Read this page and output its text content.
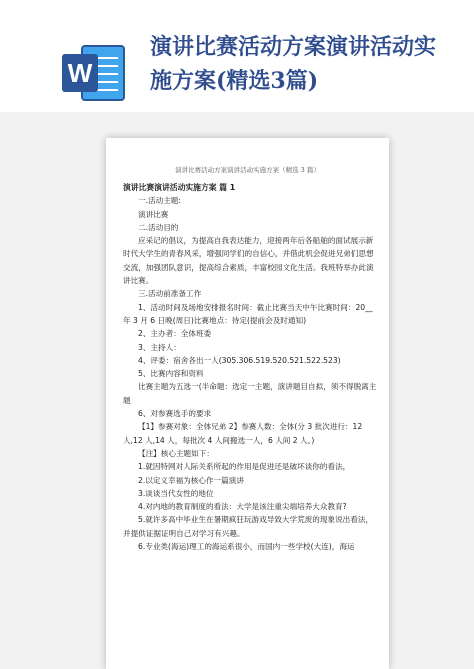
W
演讲比赛活动方案演讲活动实
施方案(精选3篇)
演讲比赛活动方案演讲活动实施方案（精选 3 篇）

演讲比赛演讲活动实施方案 篇 1

一.活动主题:

演讲比赛

二.活动目的

应采记的倡议，为提高自我表达能力，迎接两年后各船舶的面试展示新时代大学生的青春风采，增强同学们的自信心，并借此机会促进兄弟们思想交流，加强团队意识，提高综合素质，丰富校园文化生活。我班特举办此演讲比赛。

三.活动前准备工作

1、活动时间及场地安排报名时间：截止比赛当天中午比赛时间：20__年 3 月 6 日晚(周日)比赛地点：待定(提前会及时通知)

2、主办者：全体班委

3、主持人：

4、评委：宿舍各出一人(305.306.519.520.521.522.523)

5、比赛内容和资料

比赛主题为五选一(半命题：选定一主题，演讲题目自拟，须不得脱离主题

6、对参赛选手的要求

【1】参赛对象：全体兄弟 2】参赛人数：全体(分 3 批次进行：12人,12 人,14 人，每批次 4 人间搬选一人，6 人间 2 人。)

【注】核心主题如下：

1.就因特网对人际关系所起的作用是促进还是破坏谈你的看法，

2.以定义幸福为核心作一篇演讲

3.谈谈当代女性的地位

4.对内地的教育制度的看法：大学是该注重尖端培养大众教育?

5.就许多高中毕业生在暑期疯狂玩游戏导致大学荒废的现象说出看法，并提供证据证明自己对学习有兴趣。

6.专业类(海运)理工的海运系很小，而国内一些学校(大连)，海运
